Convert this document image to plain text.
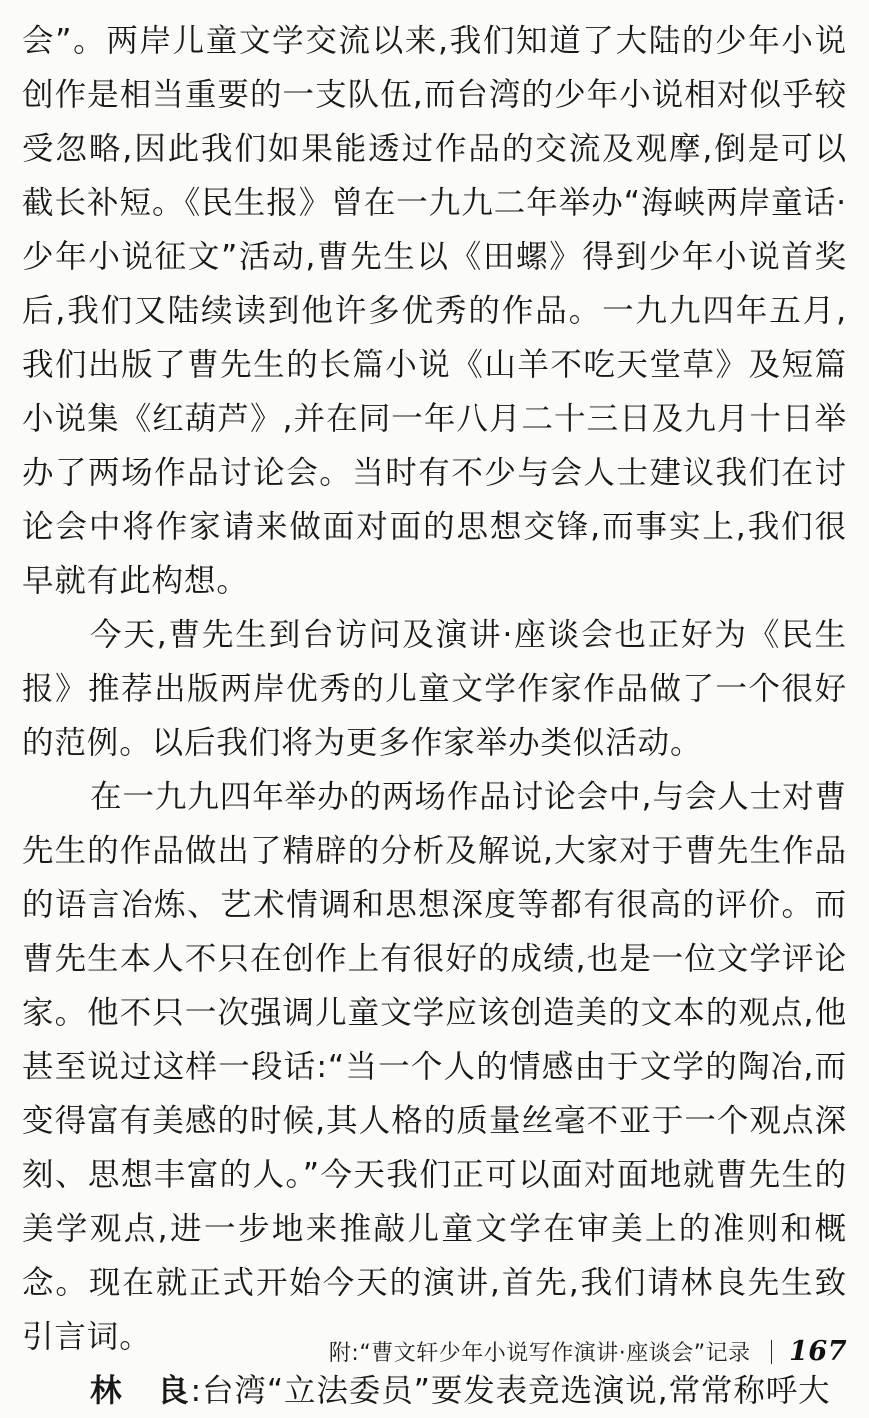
会”。两岸儿童文学交流以来,我们知道了大陆的少年小说创作是相当重要的一支队伍,而台湾的少年小说相对似乎较受忽略,因此我们如果能透过作品的交流及观摩,倒是可以截长补短。《民生报》曾在一九九二年举办“海峡两岸童话·少年小说征文”活动,曹先生以《田螺》得到少年小说首奖后,我们又陆续读到他许多优秀的作品。一九九四年五月,我们出版了曹先生的长篇小说《山羊不吃天堂草》及短篇小说集《红葫芦》,并在同一年八月二十三日及九月十日举办了两场作品讨论会。当时有不少与会人士建议我们在讨论会中将作家请来做面对面的思想交锋,而事实上,我们很早就有此构想。

今天,曹先生到台访问及演讲·座谈会也正好为《民生报》推荐出版两岸优秀的儿童文学作家作品做了一个很好的范例。以后我们将为更多作家举办类似活动。

在一九九四年举办的两场作品讨论会中,与会人士对曹先生的作品做出了精辟的分析及解说,大家对于曹先生作品的语言冶炼、艺术情调和思想深度等都有很高的评价。而曹先生本人不只在创作上有很好的成绩,也是一位文学评论家。他不只一次强调儿童文学应该创造美的文本的观点,他甚至说过这样一段话:“当一个人的情感由于文学的陶冶,而变得富有美感的时候,其人格的质量丝毫不亚于一个观点深刻、思想丰富的人。”今天我们正可以面对面地就曹先生的美学观点,进一步地来推敲儿童文学在审美上的准则和概念。现在就正式开始今天的演讲,首先,我们请林良先生致引言词。

林　良:台湾“立法委员”要发表竞选演说,常常称呼大

附:“曹文轩少年小说写作演讲·座谈会”记录 167
